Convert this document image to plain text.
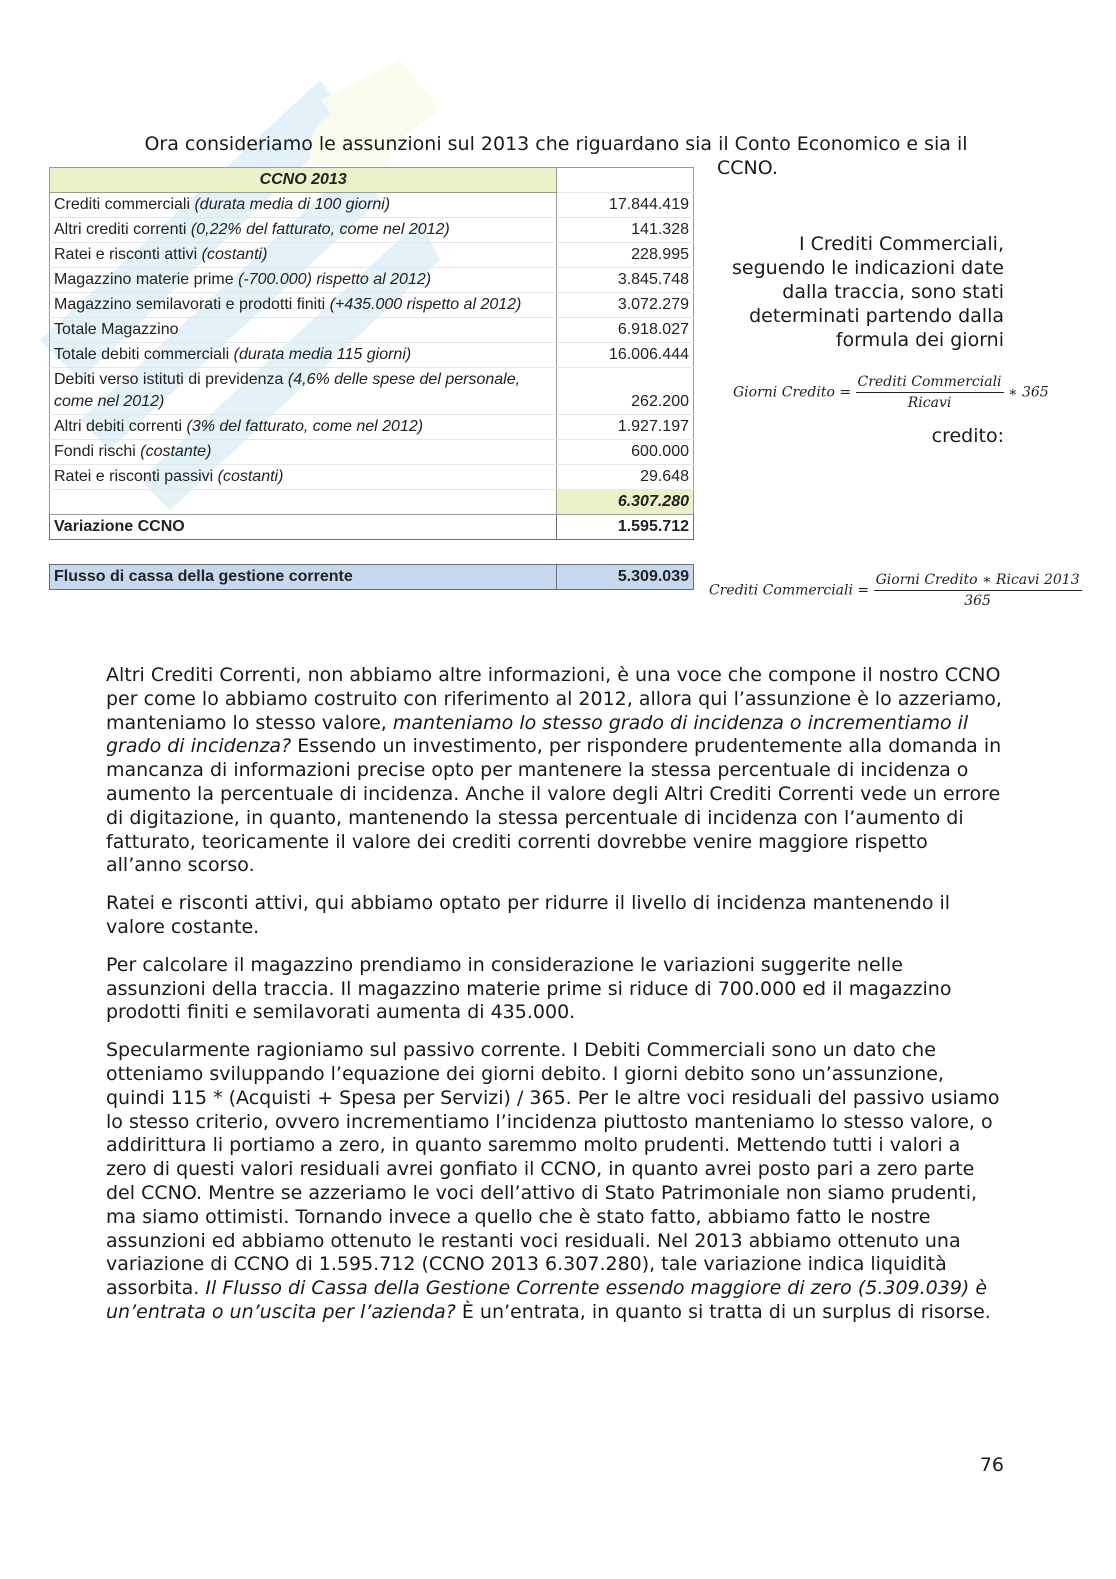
Ora consideriamo le assunzioni sul 2013 che riguardano sia il Conto Economico e sia il
CCNO.
CCNO 2013	
Crediti commerciali (durata media di 100 giorni)	17.844.419
Altri crediti correnti (0,22% del fatturato, come nel 2012)	141.328
Ratei e risconti attivi (costanti)	228.995
Magazzino materie prime (-700.000) rispetto al 2012)	3.845.748
Magazzino semilavorati e prodotti finiti (+435.000 rispetto al 2012)	3.072.279
Totale Magazzino	6.918.027
Totale debiti commerciali (durata media 115 giorni)	16.006.444
Debiti verso istituti di previdenza (4,6% delle spese del personale, come nel 2012)	262.200
Altri debiti correnti (3% del fatturato, come nel 2012)	1.927.197
Fondi rischi (costante)	600.000
Ratei e risconti passivi (costanti)	29.648
	6.307.280
Variazione CCNO	1.595.712

Flusso di cassa della gestione corrente	5.309.039
I Crediti Commerciali, seguendo le indicazioni date dalla traccia, sono stati determinati partendo dalla formula dei giorni
Giorni Credito = $\frac{\text{Crediti Commerciali}}{\text{Ricavi}}$ ∗ 365
credito:
Crediti Commerciali = $\frac{\text{Giorni Credito ∗ Ricavi 2013}}{365}$

Altri Crediti Correnti, non abbiamo altre informazioni, è una voce che compone il nostro CCNO per come lo abbiamo costruito con riferimento al 2012, allora qui l’assunzione è lo azzeriamo, manteniamo lo stesso valore, manteniamo lo stesso grado di incidenza o incrementiamo il grado di incidenza? Essendo un investimento, per rispondere prudentemente alla domanda in mancanza di informazioni precise opto per mantenere la stessa percentuale di incidenza o aumento la percentuale di incidenza. Anche il valore degli Altri Crediti Correnti vede un errore di digitazione, in quanto, mantenendo la stessa percentuale di incidenza con l’aumento di fatturato, teoricamente il valore dei crediti correnti dovrebbe venire maggiore rispetto all’anno scorso.

Ratei e risconti attivi, qui abbiamo optato per ridurre il livello di incidenza mantenendo il valore costante.

Per calcolare il magazzino prendiamo in considerazione le variazioni suggerite nelle assunzioni della traccia. Il magazzino materie prime si riduce di 700.000 ed il magazzino prodotti finiti e semilavorati aumenta di 435.000.

Specularmente ragioniamo sul passivo corrente. I Debiti Commerciali sono un dato che otteniamo sviluppando l’equazione dei giorni debito. I giorni debito sono un’assunzione, quindi 115 * (Acquisti + Spesa per Servizi) / 365. Per le altre voci residuali del passivo usiamo lo stesso criterio, ovvero incrementiamo l’incidenza piuttosto manteniamo lo stesso valore, o addirittura li portiamo a zero, in quanto saremmo molto prudenti. Mettendo tutti i valori a zero di questi valori residuali avrei gonfiato il CCNO, in quanto avrei posto pari a zero parte del CCNO. Mentre se azzeriamo le voci dell’attivo di Stato Patrimoniale non siamo prudenti, ma siamo ottimisti. Tornando invece a quello che è stato fatto, abbiamo fatto le nostre assunzioni ed abbiamo ottenuto le restanti voci residuali. Nel 2013 abbiamo ottenuto una variazione di CCNO di 1.595.712 (CCNO 2013 6.307.280), tale variazione indica liquidità assorbita. Il Flusso di Cassa della Gestione Corrente essendo maggiore di zero (5.309.039) è un’entrata o un’uscita per l’azienda? È un’entrata, in quanto si tratta di un surplus di risorse.

76
